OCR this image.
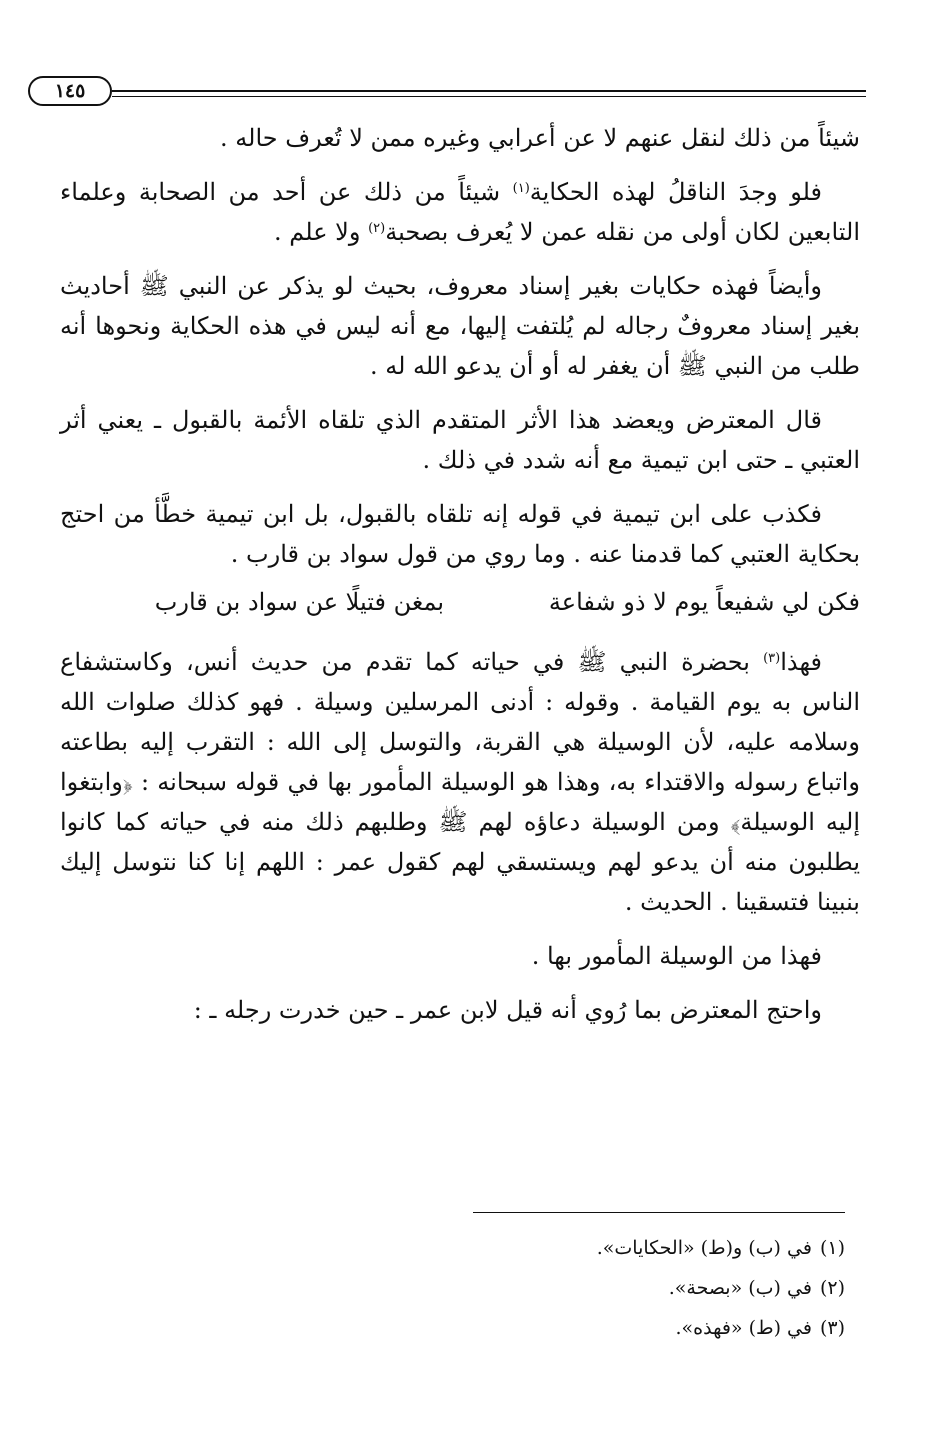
١٤٥

شيئاً من ذلك لنقل عنهم لا عن أعرابي وغيره ممن لا تُعرف حاله .

فلو وجدَ الناقلُ لهذه الحكاية$^{(١)}$ شيئاً من ذلك عن أحد من الصحابة وعلماء التابعين لكان أولى من نقله عمن لا يُعرف بصحبة$^{(٢)}$ ولا علم .

وأيضاً فهذه حكايات بغير إسناد معروف، بحيث لو يذكر عن النبي ﷺ أحاديث بغير إسناد معروفٌ رجاله لم يُلتفت إليها، مع أنه ليس في هذه الحكاية ونحوها أنه طلب من النبي ﷺ أن يغفر له أو أن يدعو الله له .

قال المعترض ويعضد هذا الأثر المتقدم الذي تلقاه الأئمة بالقبول ـ يعني أثر العتبي ـ حتى ابن تيمية مع أنه شدد في ذلك .

فكذب على ابن تيمية في قوله إنه تلقاه بالقبول، بل ابن تيمية خطَّأ من احتج بحكاية العتبي كما قدمنا عنه . وما روي من قول سواد بن قارب .

فكن لي شفيعاً يوم لا ذو شفاعة
بمغن فتيلًا عن سواد بن قارب

فهذا$^{(٣)}$ بحضرة النبي ﷺ في حياته كما تقدم من حديث أنس، وكاستشفاع الناس به يوم القيامة . وقوله : أدنى المرسلين وسيلة . فهو كذلك صلوات الله وسلامه عليه، لأن الوسيلة هي القربة، والتوسل إلى الله : التقرب إليه بطاعته واتباع رسوله والاقتداء به، وهذا هو الوسيلة المأمور بها في قوله سبحانه : ﴿وابتغوا إليه الوسيلة﴾ ومن الوسيلة دعاؤه لهم ﷺ وطلبهم ذلك منه في حياته كما كانوا يطلبون منه أن يدعو لهم ويستسقي لهم كقول عمر : اللهم إنا كنا نتوسل إليك بنبينا فتسقينا . الحديث .

فهذا من الوسيلة المأمور بها .

واحتج المعترض بما رُوي أنه قيل لابن عمر ـ حين خدرت رجله ـ :

(١)في (ب) و(ط) «الحكايات».

(٢)في (ب) «بصحة».

(٣)في (ط) «فهذه».
